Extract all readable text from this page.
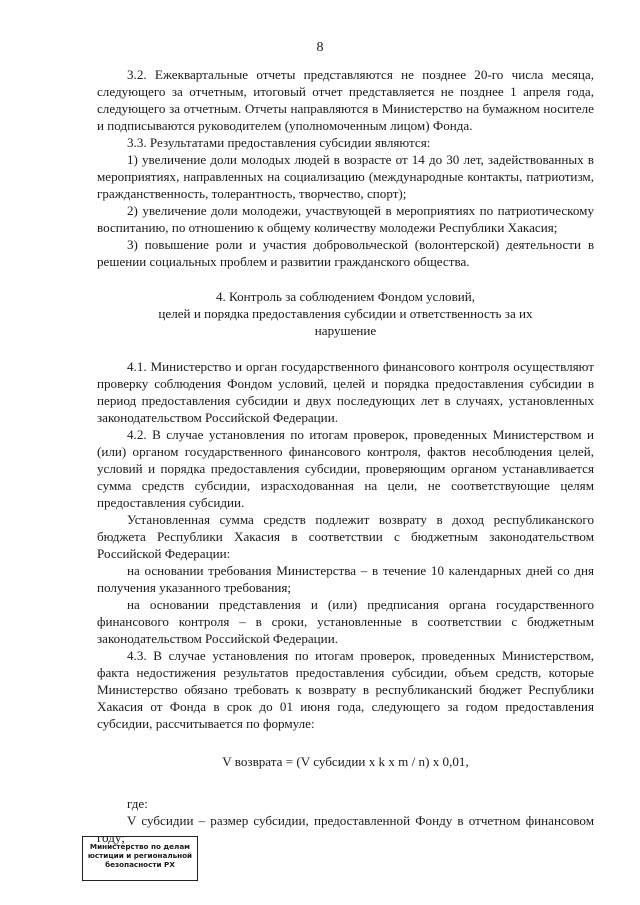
8

3.2. Ежеквартальные отчеты представляются не позднее 20-го числа месяца, следующего за отчетным, итоговый отчет представляется не позднее 1 апреля года, следующего за отчетным. Отчеты направляются в Министерство на бумажном носителе и подписываются руководителем (уполномоченным лицом) Фонда.

3.3. Результатами предоставления субсидии являются:

1) увеличение доли молодых людей в возрасте от 14 до 30 лет, задействованных в мероприятиях, направленных на социализацию (международные контакты, патриотизм, гражданственность, толерантность, творчество, спорт);

2) увеличение доли молодежи, участвующей в мероприятиях по патриотическому воспитанию, по отношению к общему количеству молодежи Республики Хакасия;

3) повышение роли и участия добровольческой (волонтерской) деятельности в решении социальных проблем и развитии гражданского общества.

4. Контроль за соблюдением Фондом условий,
целей и порядка предоставления субсидии и ответственность за их
нарушение

4.1. Министерство и орган государственного финансового контроля осуществляют проверку соблюдения Фондом условий, целей и порядка предоставления субсидии в период предоставления субсидии и двух последующих лет в случаях, установленных законодательством Российской Федерации.

4.2. В случае установления по итогам проверок, проведенных Министерством и (или) органом государственного финансового контроля, фактов несоблюдения целей, условий и порядка предоставления субсидии, проверяющим органом устанавливается сумма средств субсидии, израсходованная на цели, не соответствующие целям предоставления субсидии.

Установленная сумма средств подлежит возврату в доход республиканского бюджета Республики Хакасия в соответствии с бюджетным законодательством Российской Федерации:

на основании требования Министерства – в течение 10 календарных дней со дня получения указанного требования;

на основании представления и (или) предписания органа государственного финансового контроля – в сроки, установленные в соответствии с бюджетным законодательством Российской Федерации.

4.3. В случае установления по итогам проверок, проведенных Министерством, факта недостижения результатов предоставления субсидии, объем средств, которые Министерство обязано требовать к возврату в республиканский бюджет Республики Хакасия от Фонда в срок до 01 июня года, следующего за годом предоставления субсидии, рассчитывается по формуле:

V возврата = (V субсидии x k x m / n) x 0,01,

где:

V субсидии – размер субсидии, предоставленной Фонду в отчетном финансовом году;

Министерство по делам
юстиции и региональной
безопасности РХ
